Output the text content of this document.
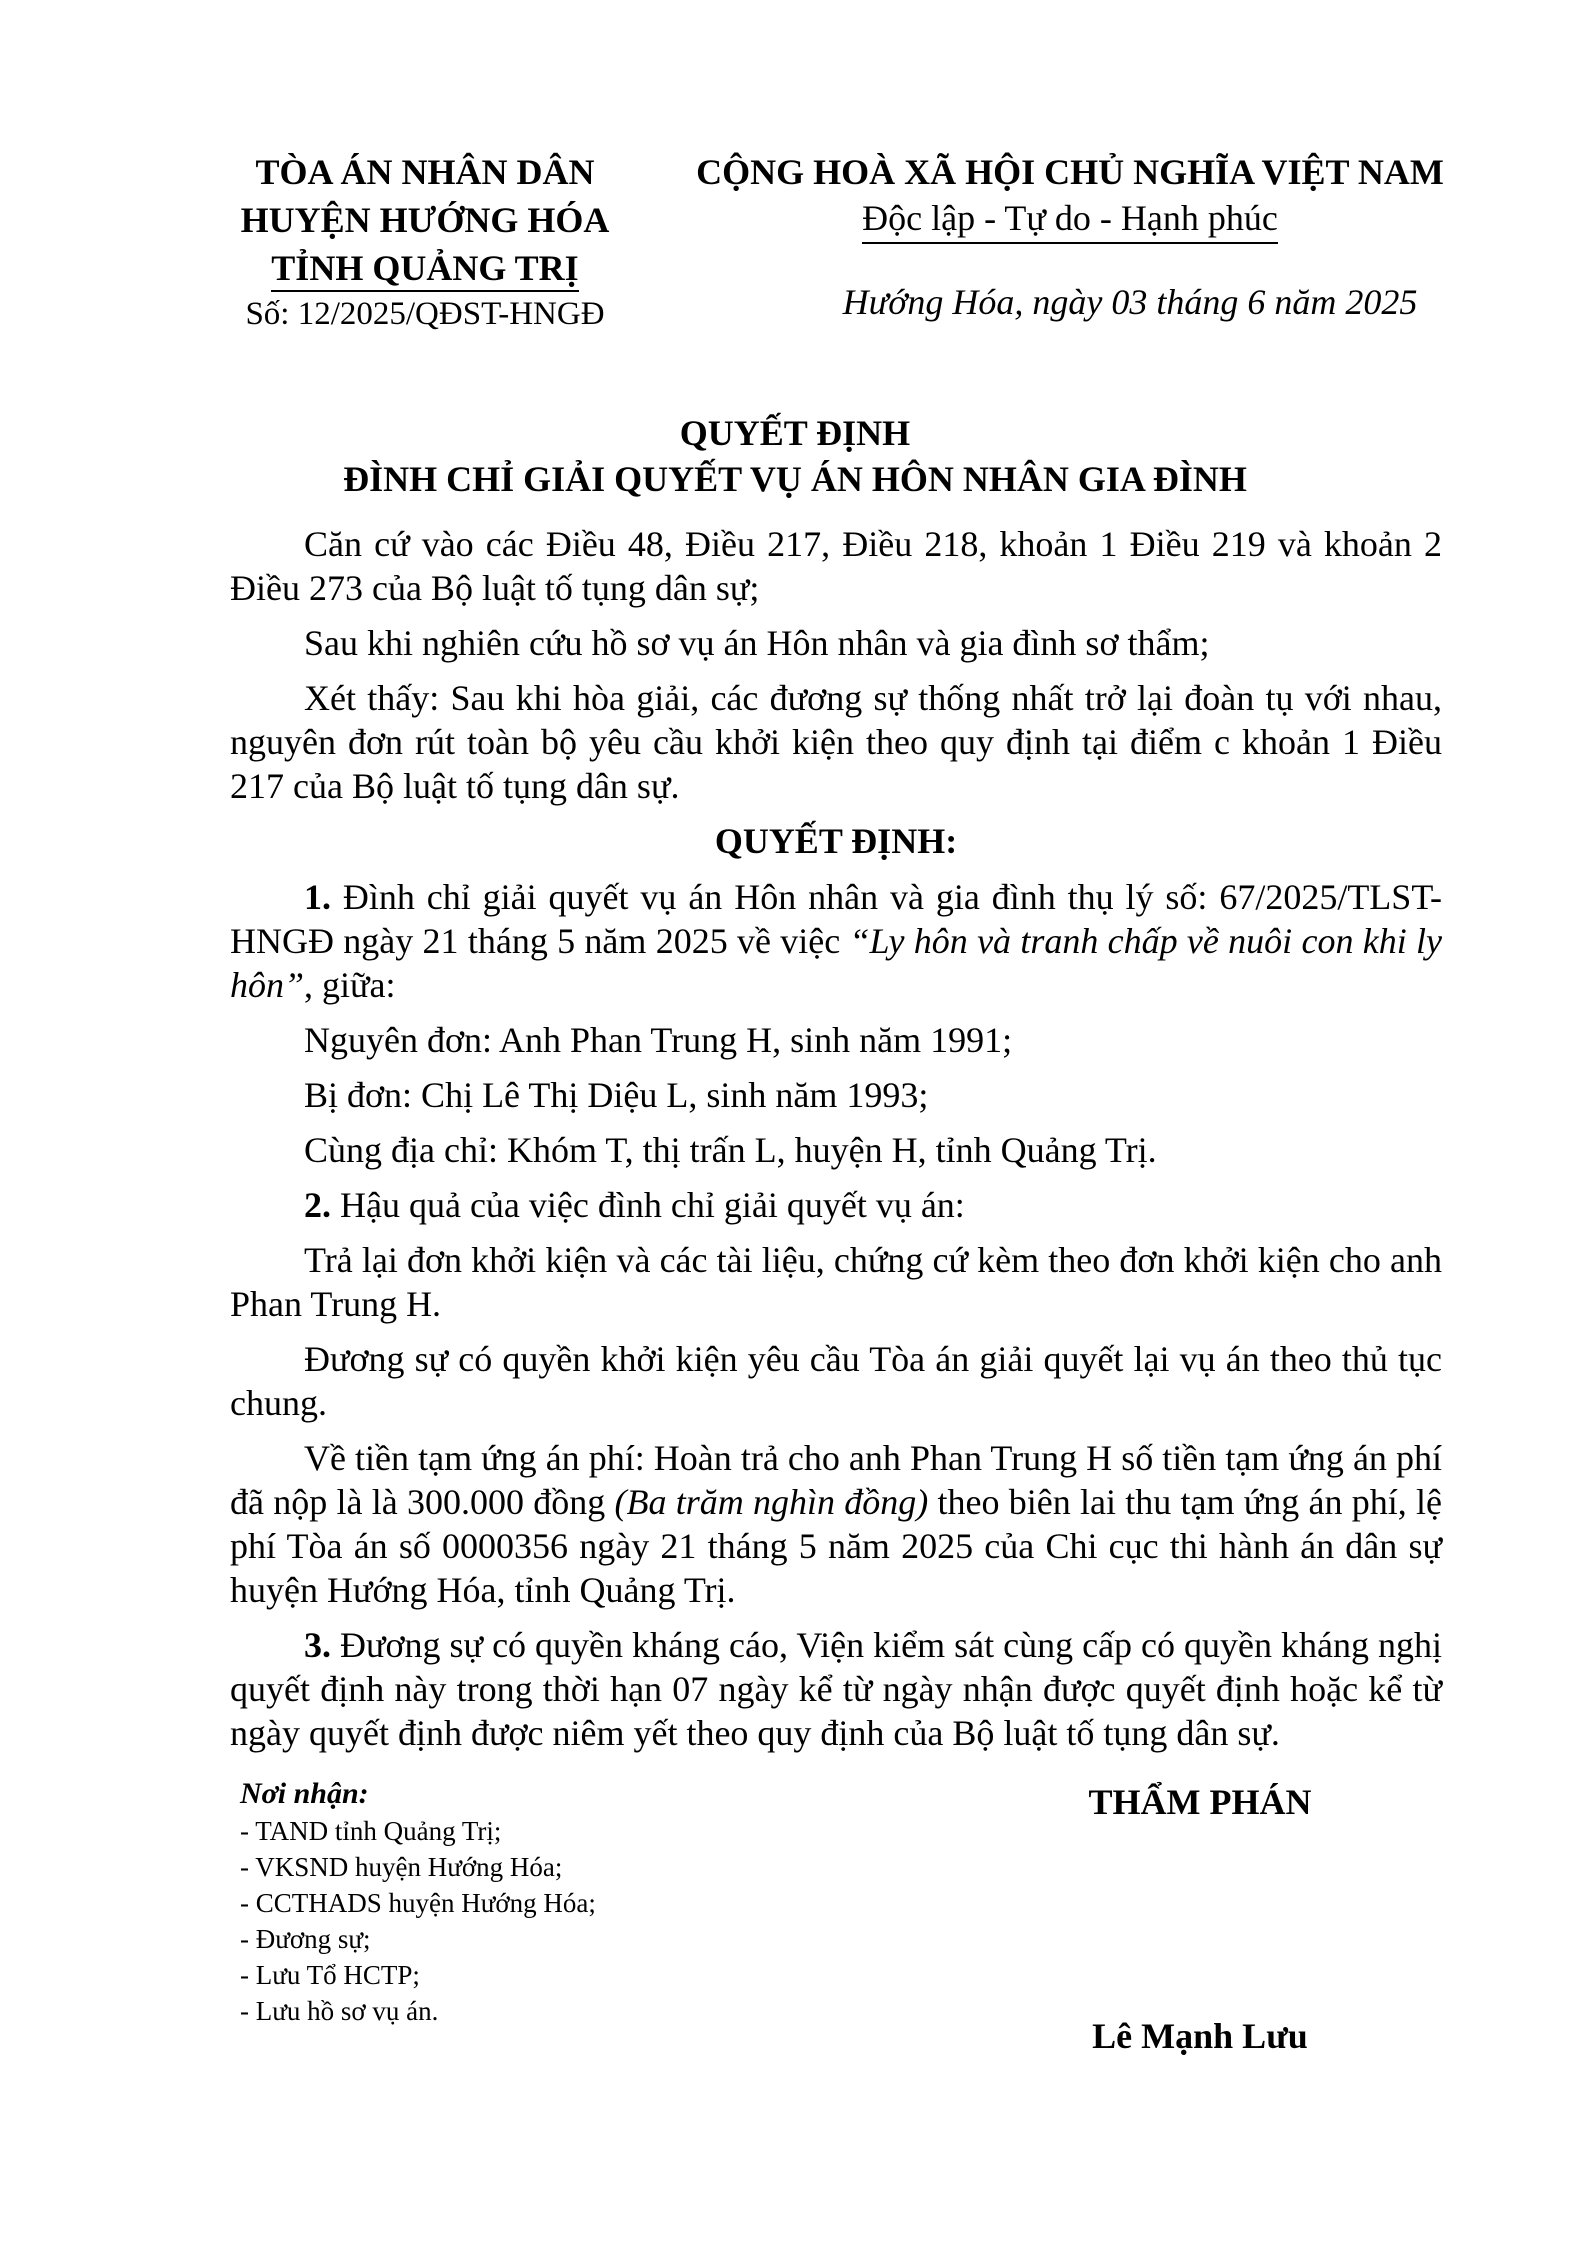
TÒA ÁN NHÂN DÂN
HUYỆN HƯỚNG HÓA
TỈNH QUẢNG TRỊ
Số: 12/2025/QĐST-HNGĐ
CỘNG HOÀ XÃ HỘI CHỦ NGHĨA VIỆT NAM
Độc lập - Tự do - Hạnh phúc
Hướng Hóa, ngày 03 tháng 6 năm 2025
QUYẾT ĐỊNH
ĐÌNH CHỈ GIẢI QUYẾT VỤ ÁN HÔN NHÂN GIA ĐÌNH

Căn cứ vào các Điều 48, Điều 217, Điều 218, khoản 1 Điều 219 và khoản 2 Điều 273 của Bộ luật tố tụng dân sự;

Sau khi nghiên cứu hồ sơ vụ án Hôn nhân và gia đình sơ thẩm;

Xét thấy: Sau khi hòa giải, các đương sự thống nhất trở lại đoàn tụ với nhau, nguyên đơn rút toàn bộ yêu cầu khởi kiện theo quy định tại điểm c khoản 1 Điều 217 của Bộ luật tố tụng dân sự.

QUYẾT ĐỊNH:

1. Đình chỉ giải quyết vụ án Hôn nhân và gia đình thụ lý số: 67/2025/TLST- HNGĐ ngày 21 tháng 5 năm 2025 về việc “Ly hôn và tranh chấp về nuôi con khi ly hôn”, giữa:

Nguyên đơn: Anh Phan Trung H, sinh năm 1991;

Bị đơn: Chị Lê Thị Diệu L, sinh năm 1993;

Cùng địa chỉ: Khóm T, thị trấn L, huyện H, tỉnh Quảng Trị.

2. Hậu quả của việc đình chỉ giải quyết vụ án:

Trả lại đơn khởi kiện và các tài liệu, chứng cứ kèm theo đơn khởi kiện cho anh Phan Trung H.

Đương sự có quyền khởi kiện yêu cầu Tòa án giải quyết lại vụ án theo thủ tục chung.

Về tiền tạm ứng án phí: Hoàn trả cho anh Phan Trung H số tiền tạm ứng án phí đã nộp là là 300.000 đồng (Ba trăm nghìn đồng) theo biên lai thu tạm ứng án phí, lệ phí Tòa án số 0000356 ngày 21 tháng 5 năm 2025 của Chi cục thi hành án dân sự huyện Hướng Hóa, tỉnh Quảng Trị.

3. Đương sự có quyền kháng cáo, Viện kiểm sát cùng cấp có quyền kháng nghị quyết định này trong thời hạn 07 ngày kể từ ngày nhận được quyết định hoặc kể từ ngày quyết định được niêm yết theo quy định của Bộ luật tố tụng dân sự.

Nơi nhận:
- TAND tỉnh Quảng Trị;
- VKSND huyện Hướng Hóa;
- CCTHADS huyện Hướng Hóa;
- Đương sự;
- Lưu Tổ HCTP;
- Lưu hồ sơ vụ án.
THẨM PHÁN
Lê Mạnh Lưu
